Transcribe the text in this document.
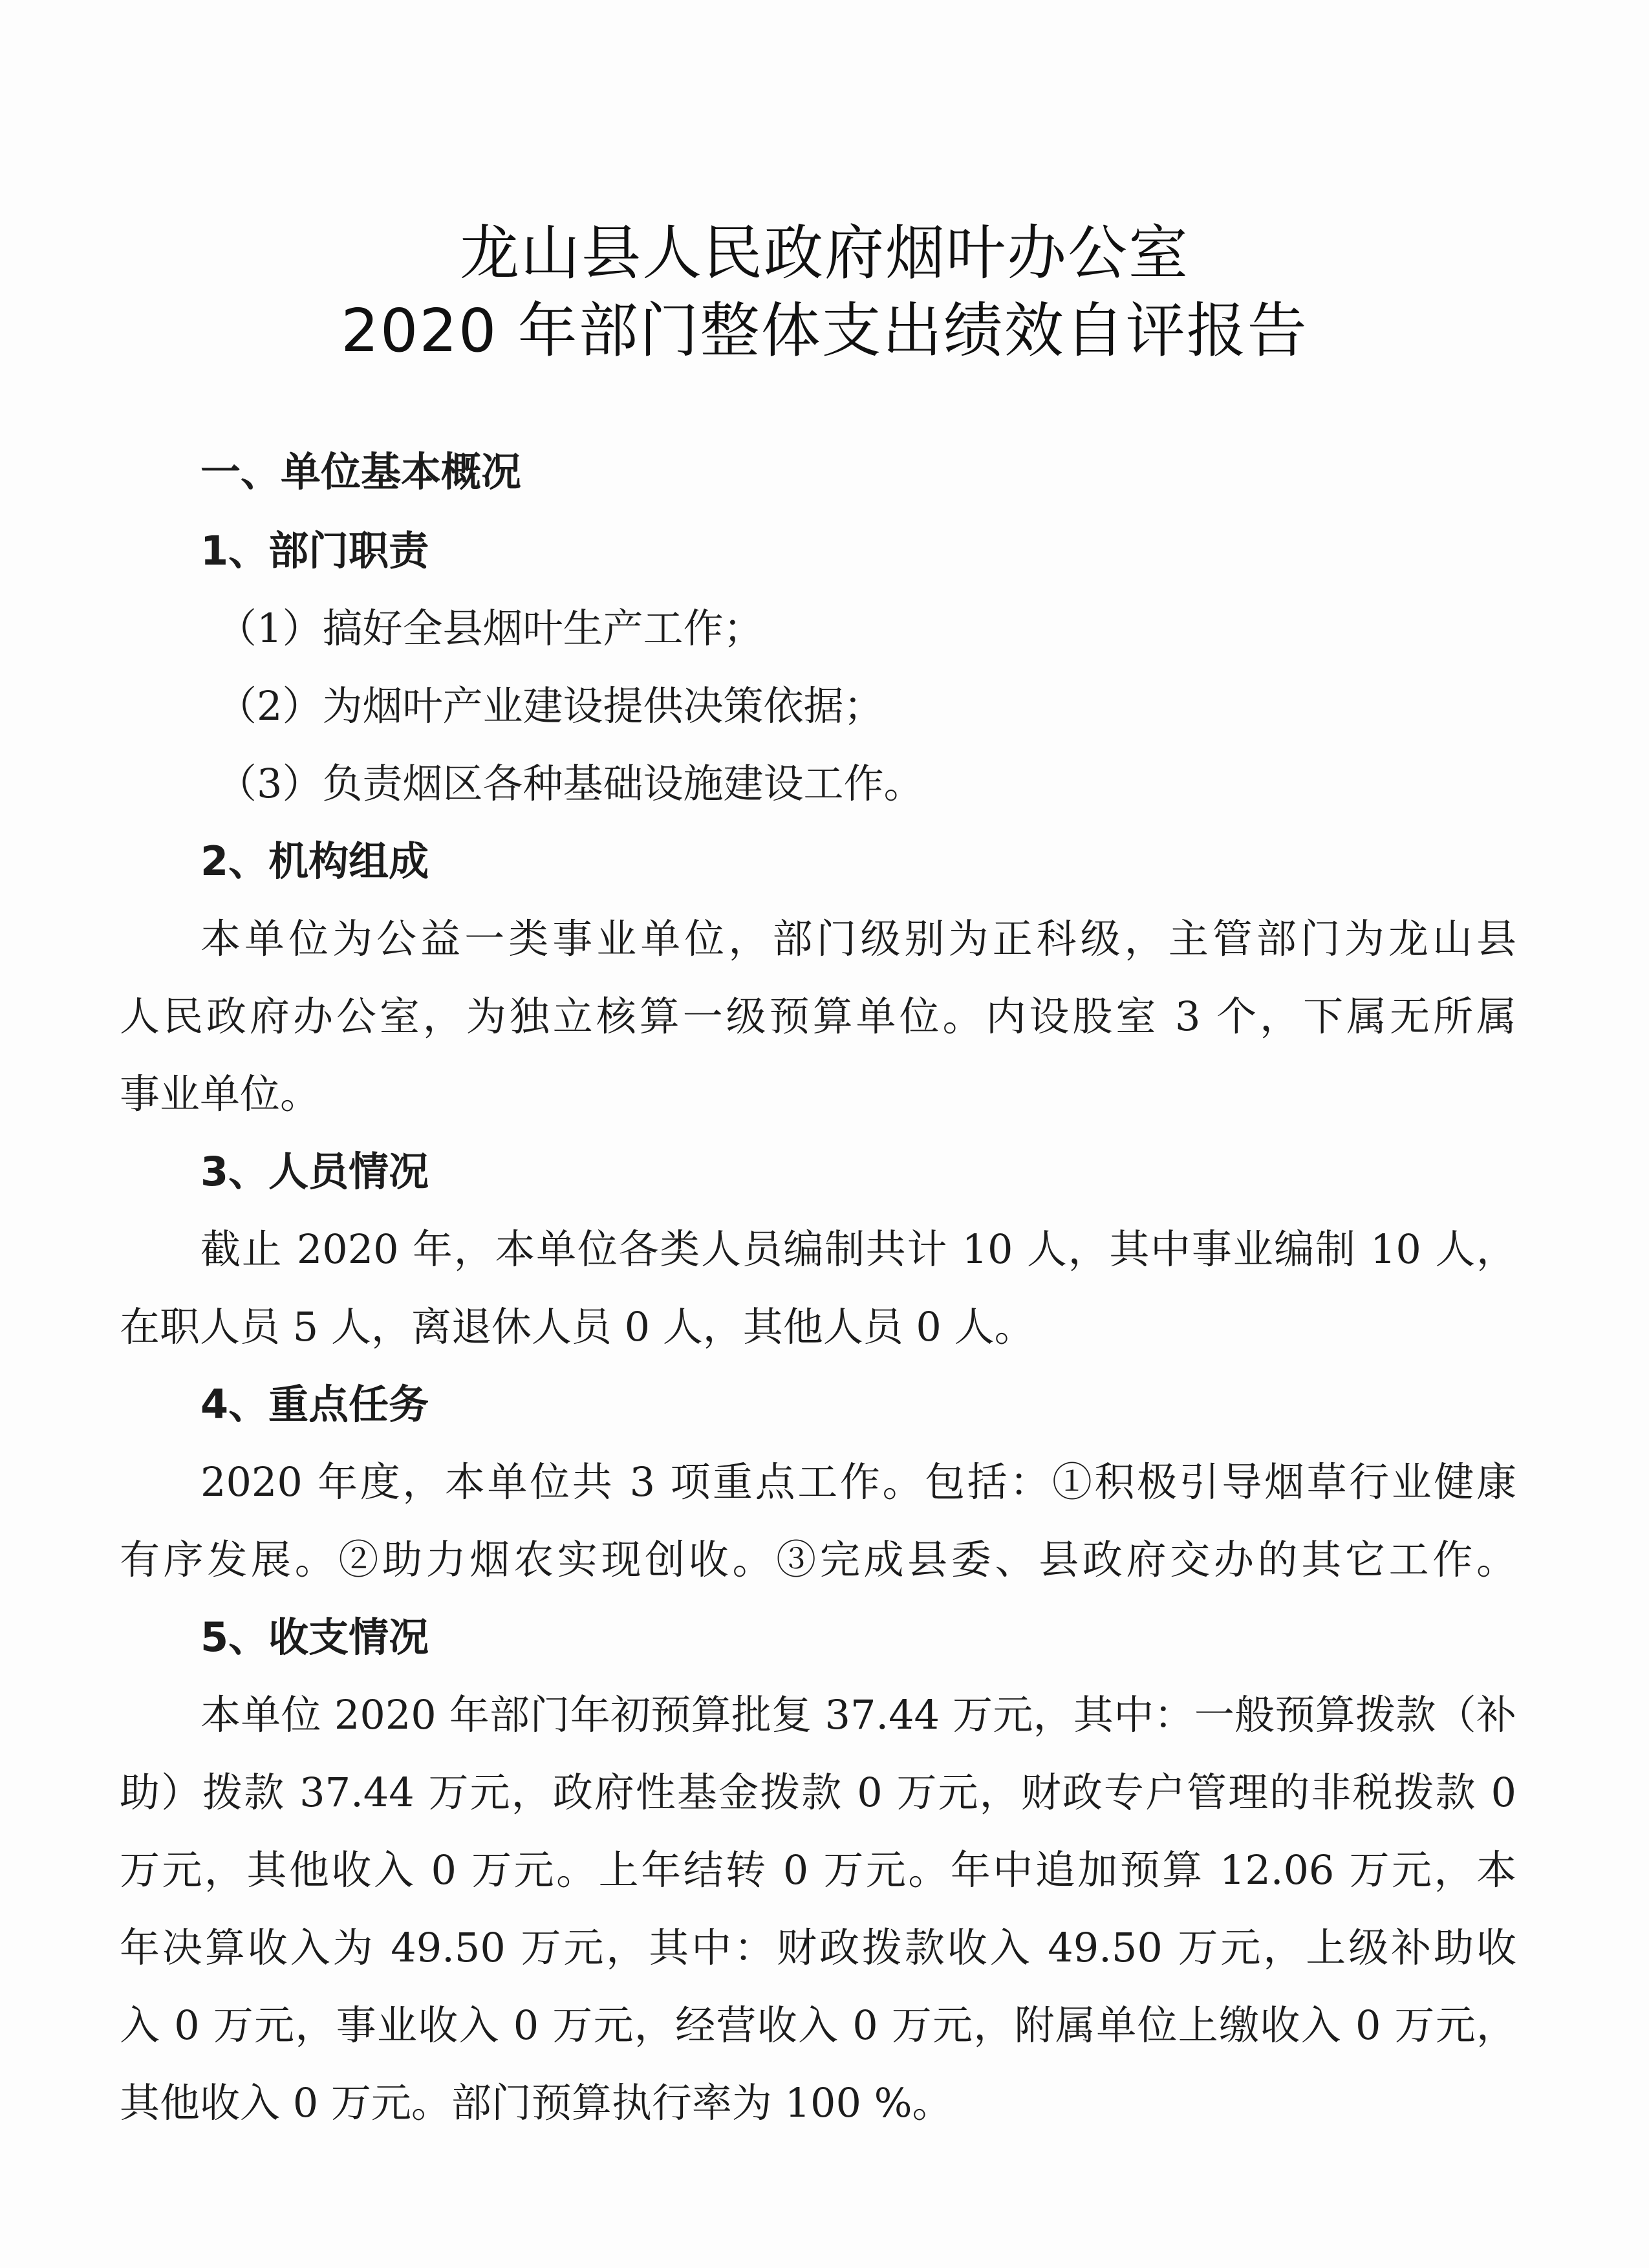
龙山县人民政府烟叶办公室
2020 年部门整体支出绩效自评报告
一、单位基本概况
1、部门职责
（1）搞好全县烟叶生产工作；
（2）为烟叶产业建设提供决策依据；
（3）负责烟区各种基础设施建设工作。
2、机构组成
本单位为公益一类事业单位，部门级别为正科级，主管部门为龙山县
人民政府办公室，为独立核算一级预算单位。内设股室 3 个，下属无所属
事业单位。
3、人员情况
截止 2020 年，本单位各类人员编制共计 10 人，其中事业编制 10 人，
在职人员 5 人，离退休人员 0 人，其他人员 0 人。
4、重点任务
2020 年度，本单位共 3 项重点工作。包括：①积极引导烟草行业健康
有序发展。②助力烟农实现创收。③完成县委、县政府交办的其它工作。
5、收支情况
本单位 2020 年部门年初预算批复 37.44 万元，其中：一般预算拨款（补
助）拨款 37.44 万元，政府性基金拨款 0 万元，财政专户管理的非税拨款 0
万元，其他收入 0 万元。上年结转 0 万元。年中追加预算 12.06 万元，本
年决算收入为 49.50 万元，其中：财政拨款收入 49.50 万元，上级补助收
入 0 万元，事业收入 0 万元，经营收入 0 万元，附属单位上缴收入 0 万元，
其他收入 0 万元。部门预算执行率为 100 %。
